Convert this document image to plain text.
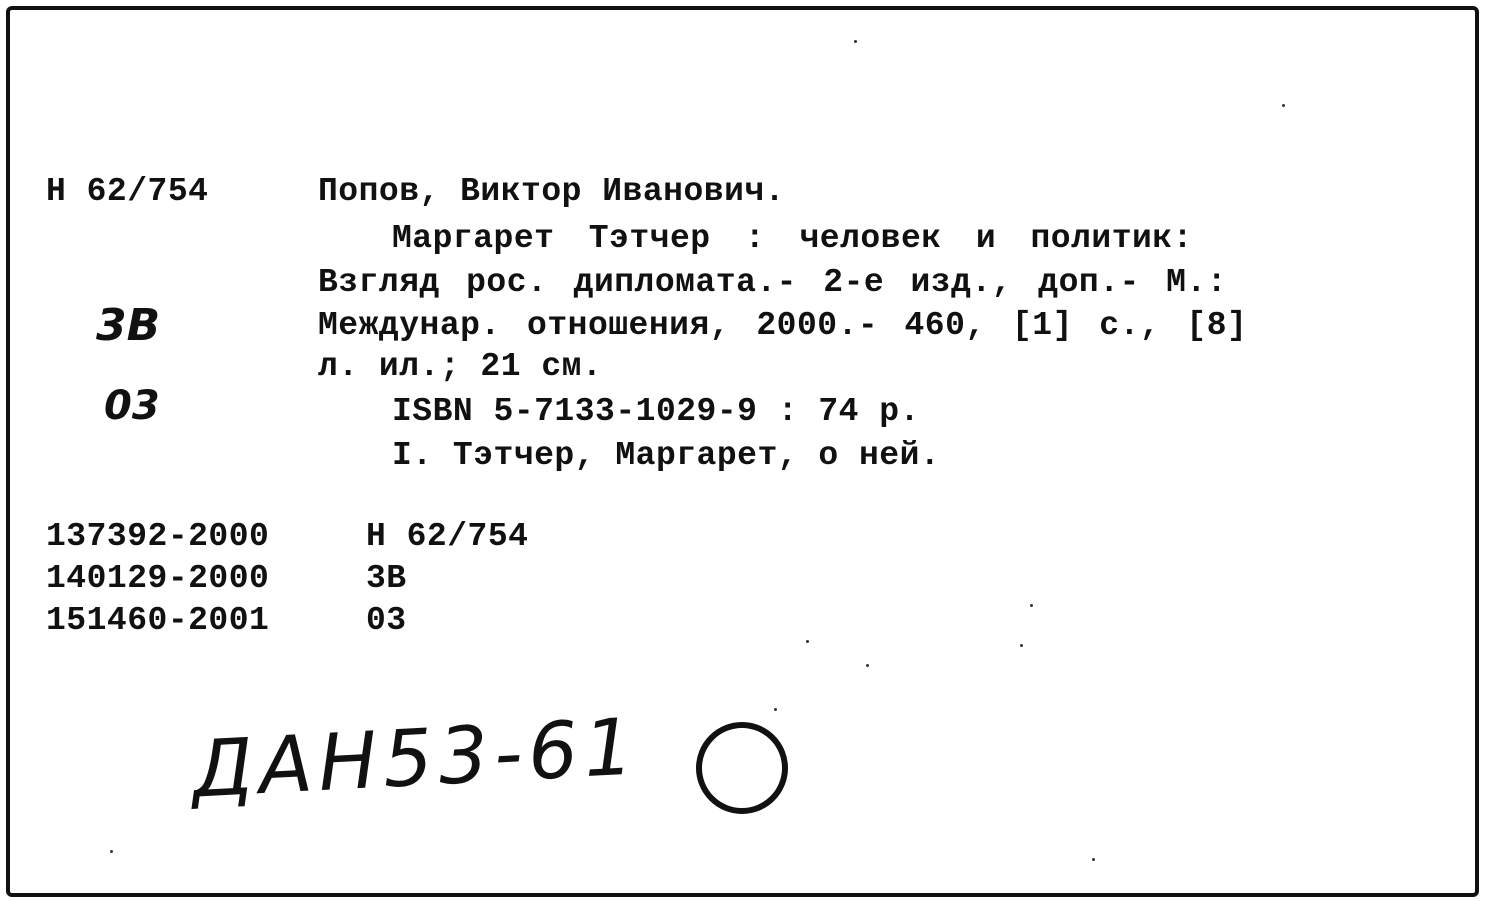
Н 62/754	Попов, Виктор Иванович.
Маргарет Тэтчер : человек и политик:
Взгляд рос. дипломата.- 2-е изд., доп.- М.:
Междунар. отношения, 2000.- 460, [1] с., [8]
л. ил.; 21 см.
ISBN 5-7133-1029-9 : 74 р.
I. Тэтчер, Маргарет, о ней.
3В
03
137392-2000	Н 62/754
140129-2000	3В
151460-2001	03
ДАН53-61
